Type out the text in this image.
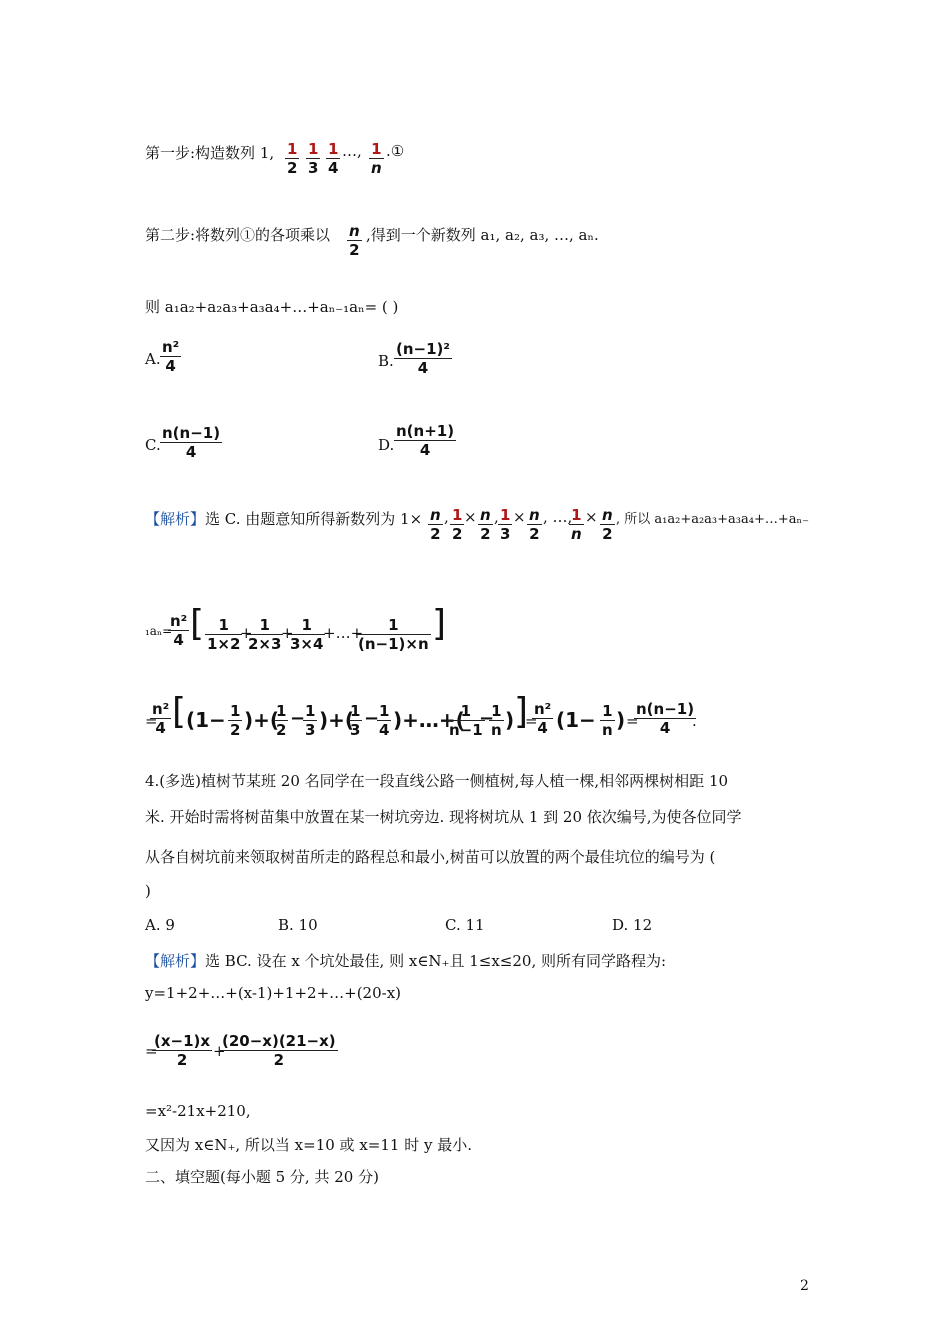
第一步:构造数列 1, $\frac{1}{2} \frac{1}{3} \frac{1}{4}$ …, $\frac{1}{n}$ .①
第二步:将数列①的各项乘以 $\frac{n}{2}$ ,得到一个新数列 a₁, a₂, a₃, …, aₙ.
则 a₁a₂+a₂a₃+a₃a₄+…+aₙ₋₁aₙ= ( )
A. $\frac{\text{n²}}{4}$	B. $\frac{\text{(n−1)²}}{4}$
C. $\frac{n(n-1)}{4}$	D. $\frac{n(n+1)}{4}$
【解析】选 C. 由题意知所得新数列为 $1\times \frac{n}{2}$ , $\frac{1}{2} \times \frac{n}{2}$ , $\frac{1}{3} \times \frac{n}{2}$ , …,
$\frac{1}{n} \times \frac{n}{2}$ , 所以 a₁a₂+a₂a₃+a₃a₄+…+aₙ₋
₁aₙ=
$\frac{\text{n²}}{4}$ [ $\frac{1}{1\times 2}$
+
$\frac{1}{2\times 3}$
+
$\frac{1}{3\times 4}$
+…+
$\frac{1}{(n-1)\times n}$ ]
=
$\frac{\text{n²}}{4}$ [ ($1- \frac{1}{2}$ )+(
$\frac{1}{2}$ −
$\frac{1}{3}$ )+(
$\frac{1}{3}$ −
$\frac{1}{4}$ )+…+(
$\frac{1}{n-1}$
−
$\frac{1}{n}$ ) ]
=
$\frac{\text{n²}}{4} (1- \frac{1}{n}$ ) =
$\frac{n(n-1)}{4}$
.
4.(多选)植树节某班 20 名同学在一段直线公路一侧植树,每人植一棵,相邻两棵树相距 10
米. 开始时需将树苗集中放置在某一树坑旁边. 现将树坑从 1 到 20 依次编号,为使各位同学
从各自树坑前来领取树苗所走的路程总和最小,树苗可以放置的两个最佳坑位的编号为 (
)
A. 9	B. 10	C. 11	D. 12
【解析】选 BC. 设在 x 个坑处最佳, 则 x∈N₊且 1≤x≤20, 则所有同学路程为:
y=1+2+…+(x-1)+1+2+…+(20-x)
=
$\frac{(x-1)x}{2}$ +
$\frac{(20-x)(21-x)}{2}$
=x²-21x+210,
又因为 x∈N₊, 所以当 x=10 或 x=11 时 y 最小.
二、填空题(每小题 5 分, 共 20 分)
2
